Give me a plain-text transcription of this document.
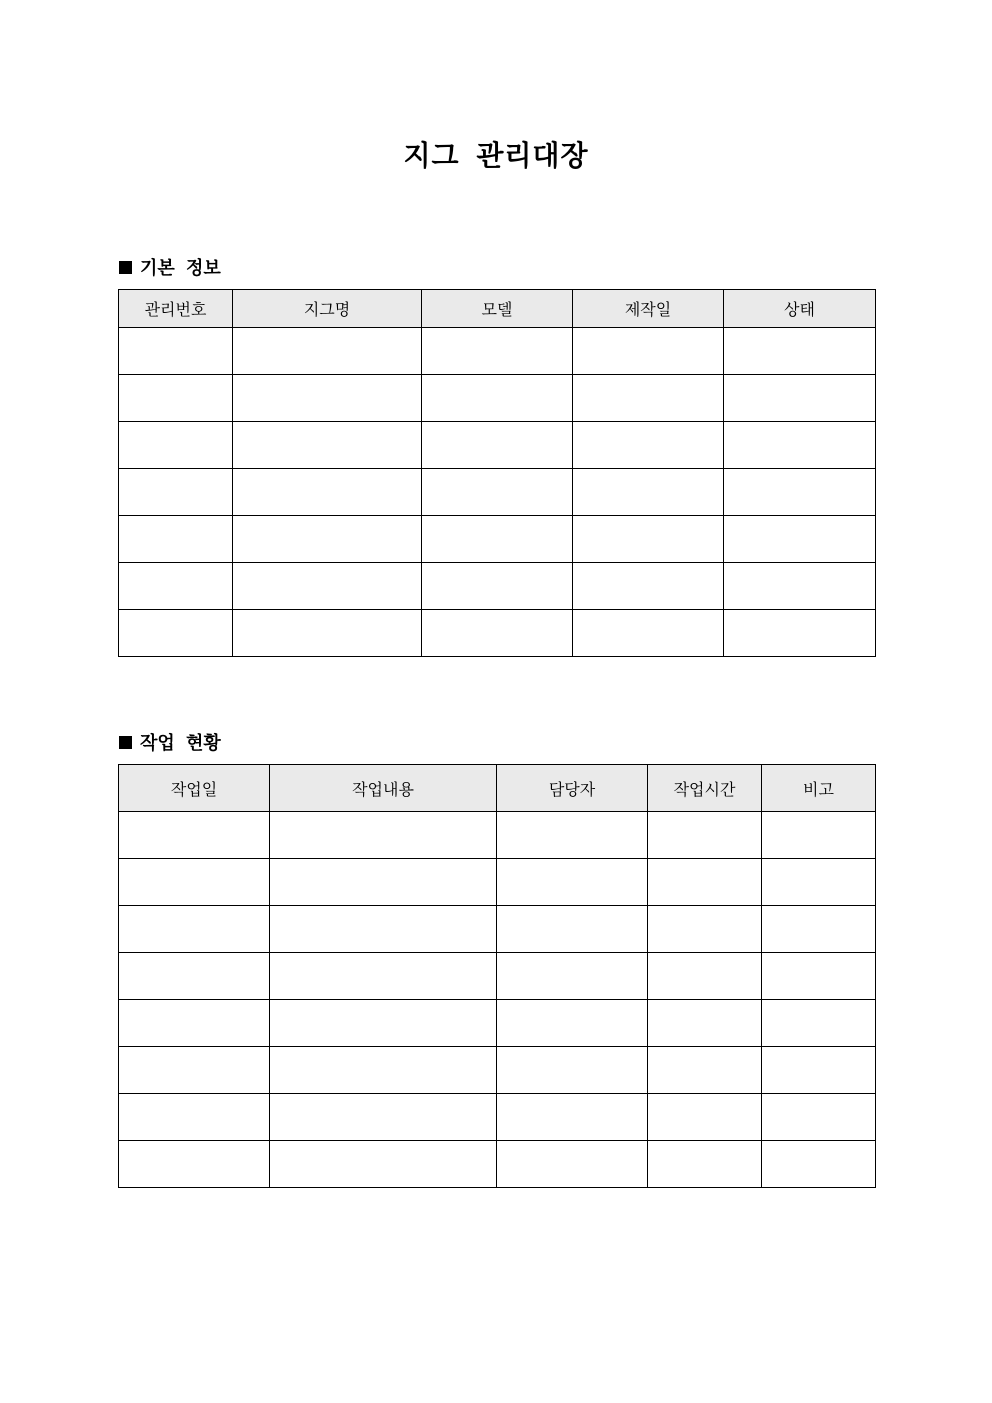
지그 관리대장
기본 정보
관리번호	지그명	모델	제작일	상태

작업 현황
작업일	작업내용	담당자	작업시간	비고
